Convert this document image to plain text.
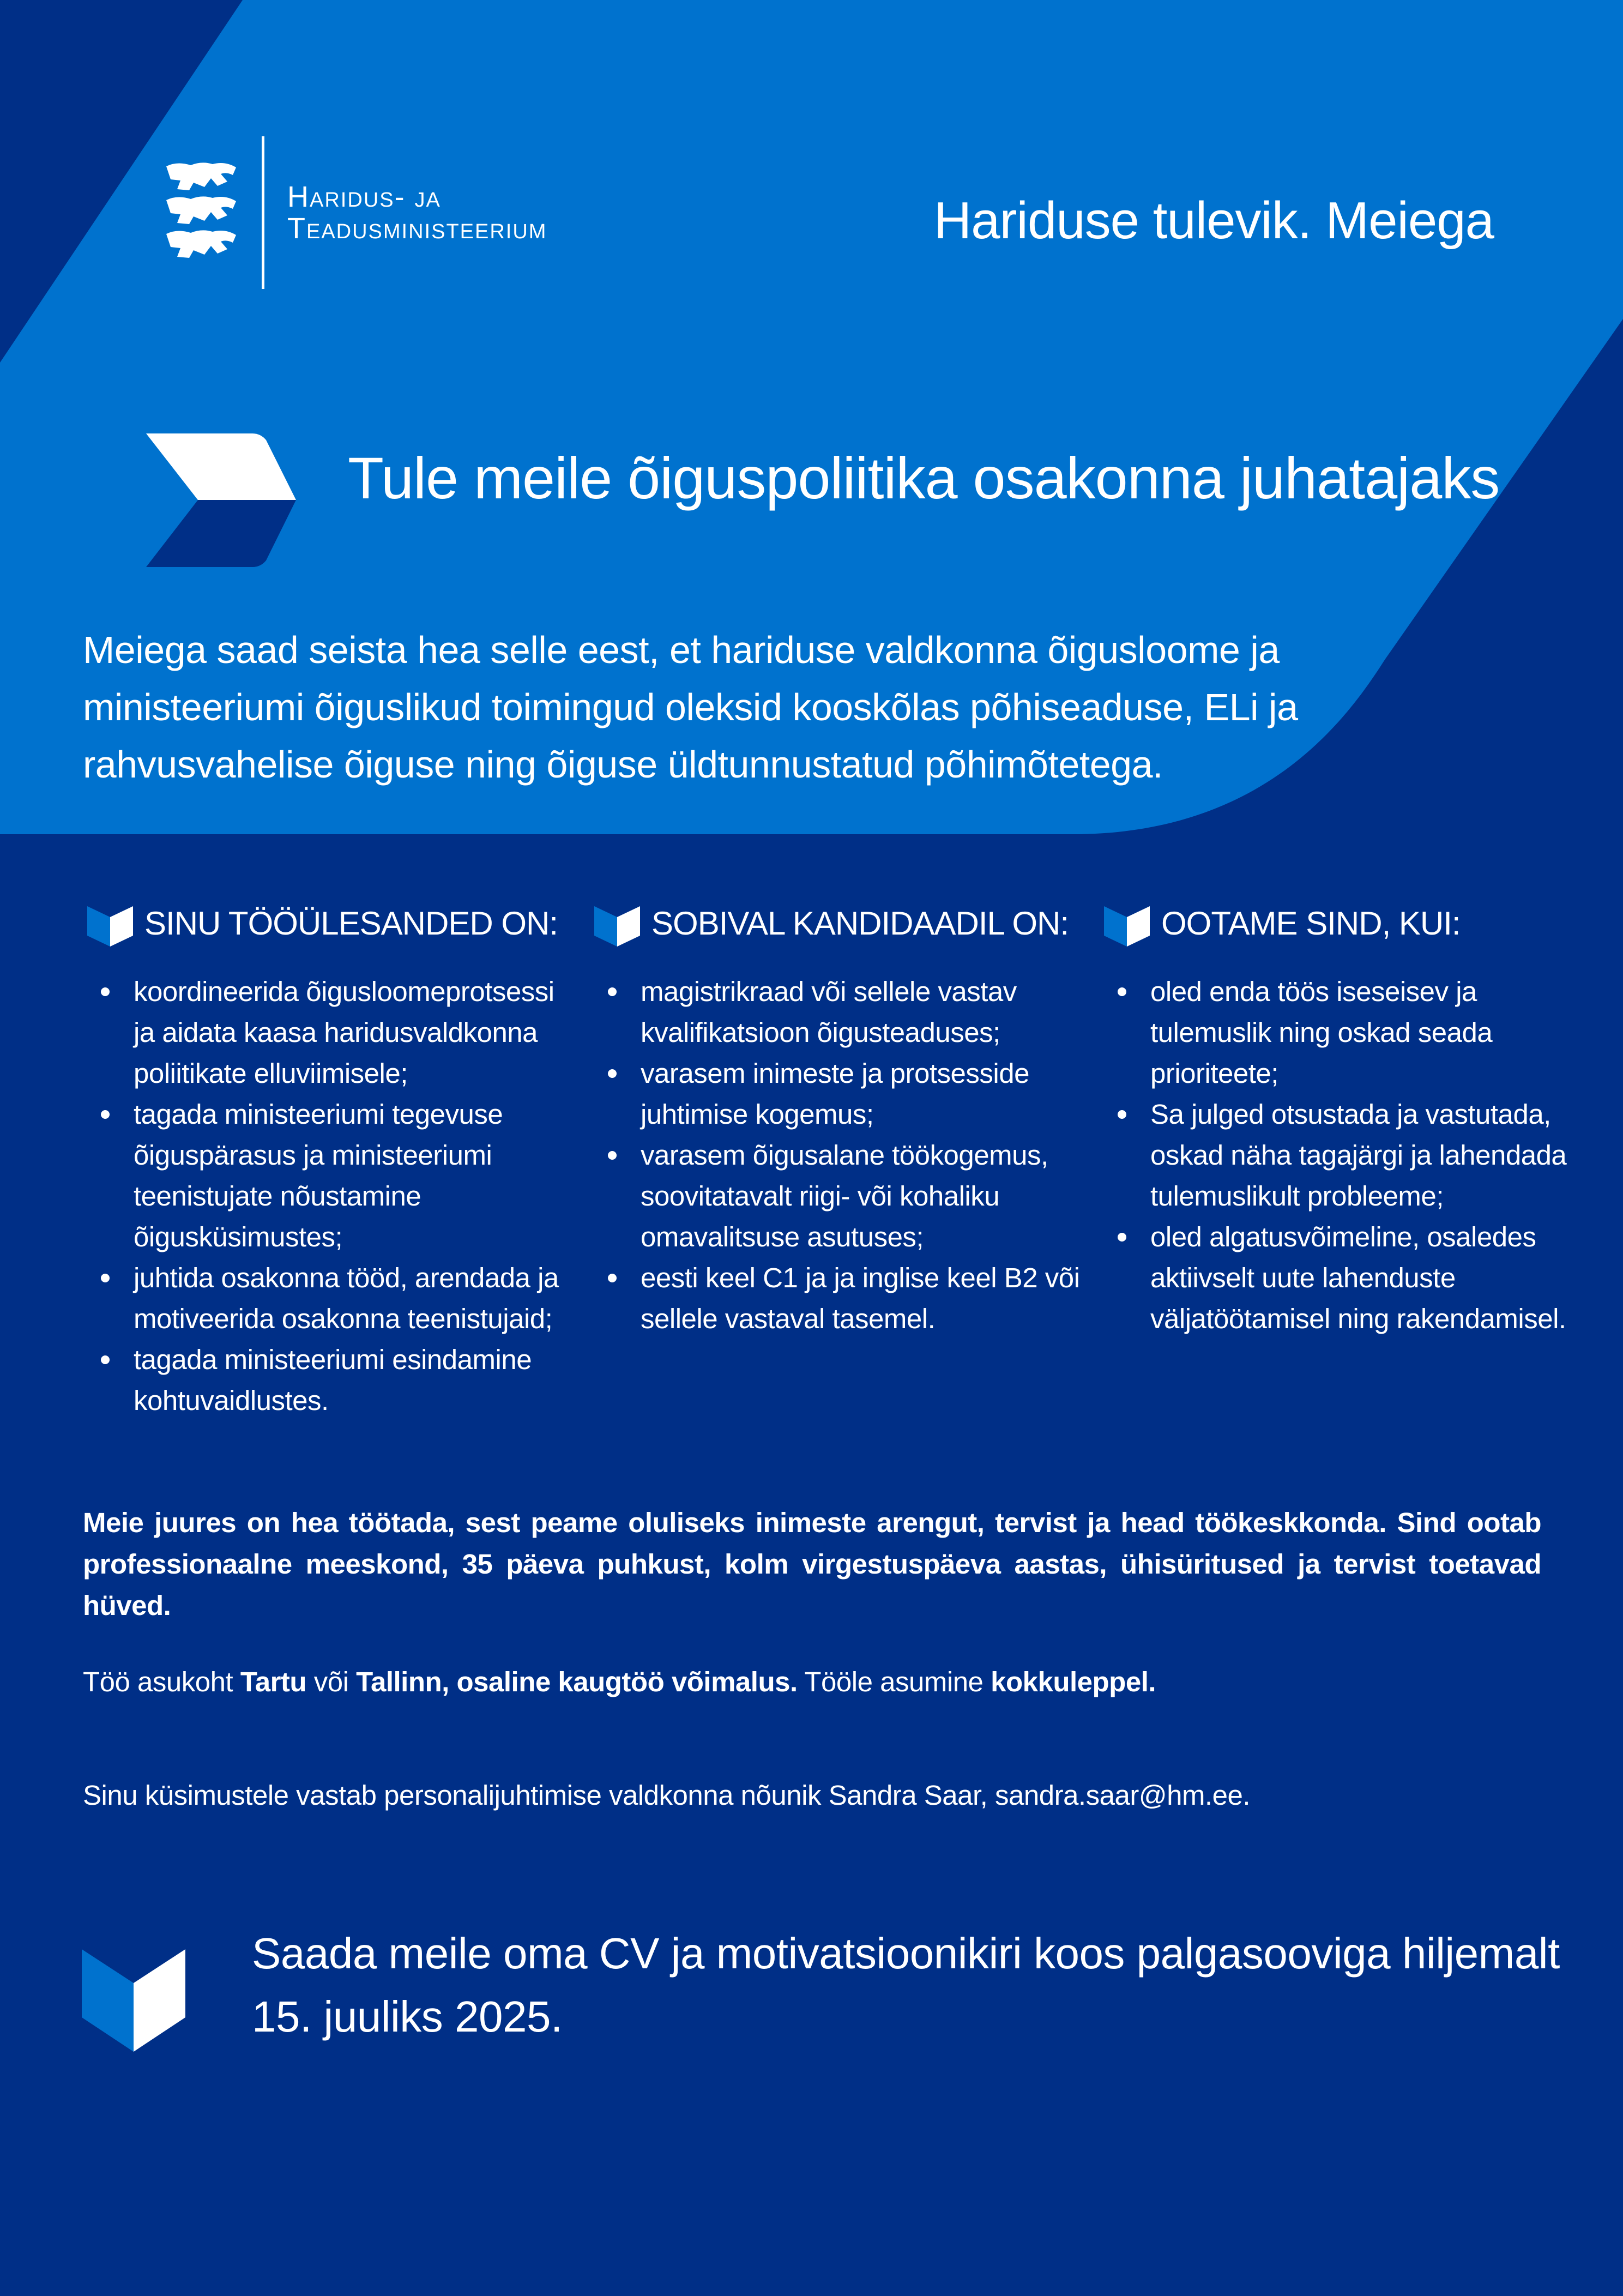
Haridus- ja
Teadusministeerium	Hariduse tulevik. Meiega
Tule meile õiguspoliitika osakonna juhatajaks

Meiega saad seista hea selle eest, et hariduse valdkonna õigusloome ja ministeeriumi õiguslikud toimingud oleksid kooskõlas põhiseaduse, ELi ja rahvusvahelise õiguse ning õiguse üldtunnustatud põhimõtetega.

SINU TÖÖÜLESANDED ON:
koordineerida õigusloomeprotsessi ja aidata kaasa haridusvaldkonna poliitikate elluviimisele;
tagada ministeeriumi tegevuse õiguspärasus ja ministeeriumi teenistujate nõustamine õigusküsimustes;
juhtida osakonna tööd, arendada ja motiveerida osakonna teenistujaid;
tagada ministeeriumi esindamine kohtuvaidlustes.
SOBIVAL KANDIDAADIL ON:
magistrikraad või sellele vastav kvalifikatsioon õigusteaduses;
varasem inimeste ja protsesside juhtimise kogemus;
varasem õigusalane töökogemus, soovitatavalt riigi- või kohaliku omavalitsuse asutuses;
eesti keel C1 ja ja inglise keel B2 või sellele vastaval tasemel.
OOTAME SIND, KUI:
oled enda töös iseseisev ja tulemuslik ning oskad seada prioriteete;
Sa julged otsustada ja vastutada, oskad näha tagajärgi ja lahendada tulemuslikult probleeme;
oled algatusvõimeline, osaledes aktiivselt uute lahenduste väljatöötamisel ning rakendamisel.

Meie juures on hea töötada, sest peame oluliseks inimeste arengut, tervist ja head töökeskkonda. Sind ootab professionaalne meeskond, 35 päeva puhkust, kolm virgestuspäeva aastas, ühisüritused ja tervist toetavad hüved.

Töö asukoht Tartu või Tallinn, osaline kaugtöö võimalus. Tööle asumine kokkuleppel.

Sinu küsimustele vastab personalijuhtimise valdkonna nõunik Sandra Saar, sandra.saar@hm.ee.

Saada meile oma CV ja motivatsioonikiri koos palgasooviga hiljemalt
15. juuliks 2025.
